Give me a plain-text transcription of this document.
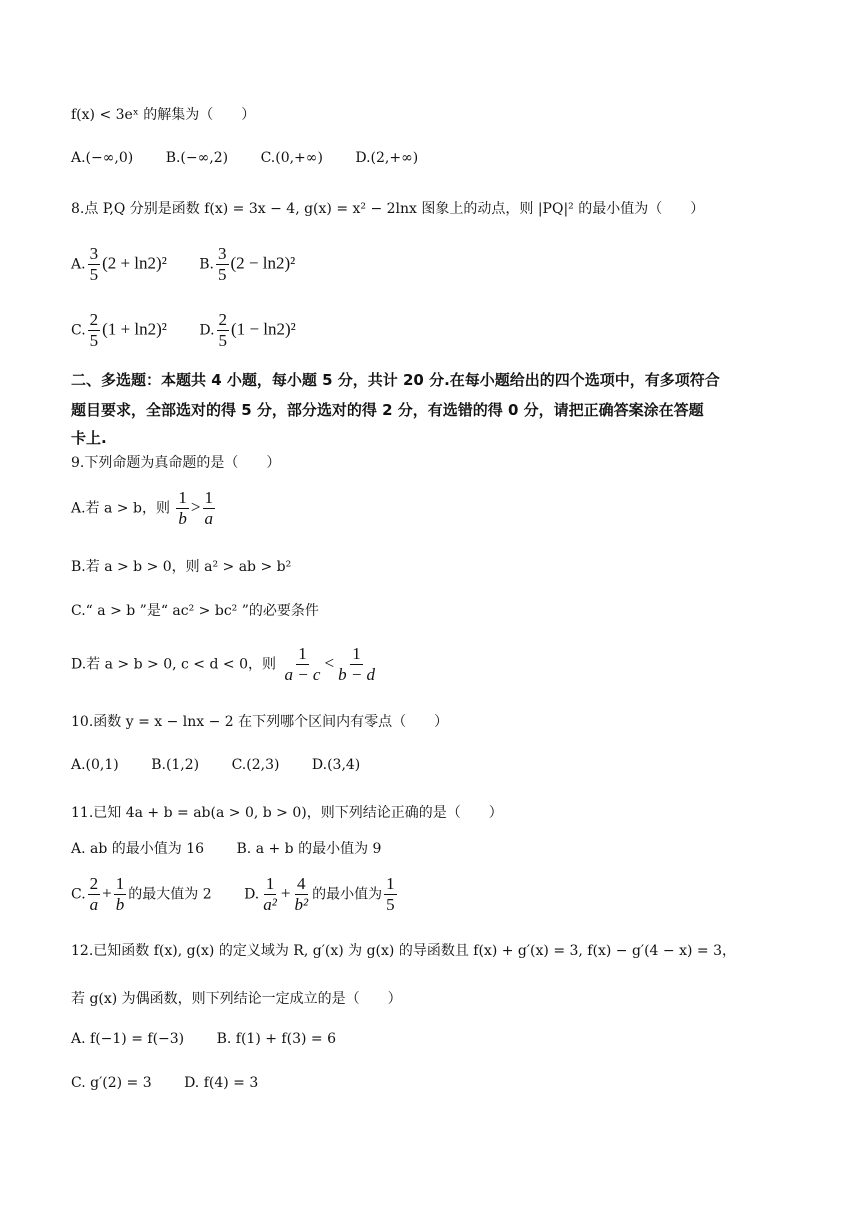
f(x) < 3eˣ 的解集为（　　）
A.(−∞,0) B.(−∞,2) C.(0,+∞) D.(2,+∞)
8.点 P,Q 分别是函数 f(x) = 3x − 4, g(x) = x² − 2lnx 图象上的动点，则 |PQ|² 的最小值为（　　）
A. $\frac{3}{5} (2 + \ln 2)^2$ B. $\frac{3}{5} (2 - \ln 2)^2$
C. $\frac{2}{5} (1 + \ln 2)^2$ D. $\frac{2}{5} (1 - \ln 2)^2$
二、多选题：本题共 4 小题，每小题 5 分，共计 20 分.在每小题给出的四个选项中，有多项符合
题目要求，全部选对的得 5 分，部分选对的得 2 分，有选错的得 0 分，请把正确答案涂在答题
卡上.
9.下列命题为真命题的是（　　）
A.若 a > b，则 $\frac{1}{b} > \frac{1}{a}$
B.若 a > b > 0，则 a² > ab > b²
C.“ a > b ”是“ ac² > bc² ”的必要条件
D.若 a > b > 0, c < d < 0，则 $\frac{1}{a - c} < \frac{1}{b - d}$
10.函数 y = x − lnx − 2 在下列哪个区间内有零点（　　）
A.(0,1) B.(1,2) C.(2,3) D.(3,4)
11.已知 4a + b = ab(a > 0, b > 0)，则下列结论正确的是（　　）
A. ab 的最小值为 16 B. a + b 的最小值为 9
C. $\frac{2}{a} + \frac{1}{b}$ 的最大值为 2 D. $\frac{1}{\text{a²}} + \frac{4}{\text{b²}}$ 的最小值为 $\frac{1}{5}$
12.已知函数 f(x), g(x) 的定义域为 R, g′(x) 为 g(x) 的导函数且 f(x) + g′(x) = 3, f(x) − g′(4 − x) = 3，
若 g(x) 为偶函数，则下列结论一定成立的是（　　）
A. f(−1) = f(−3) B. f(1) + f(3) = 6
C. g′(2) = 3 D. f(4) = 3
